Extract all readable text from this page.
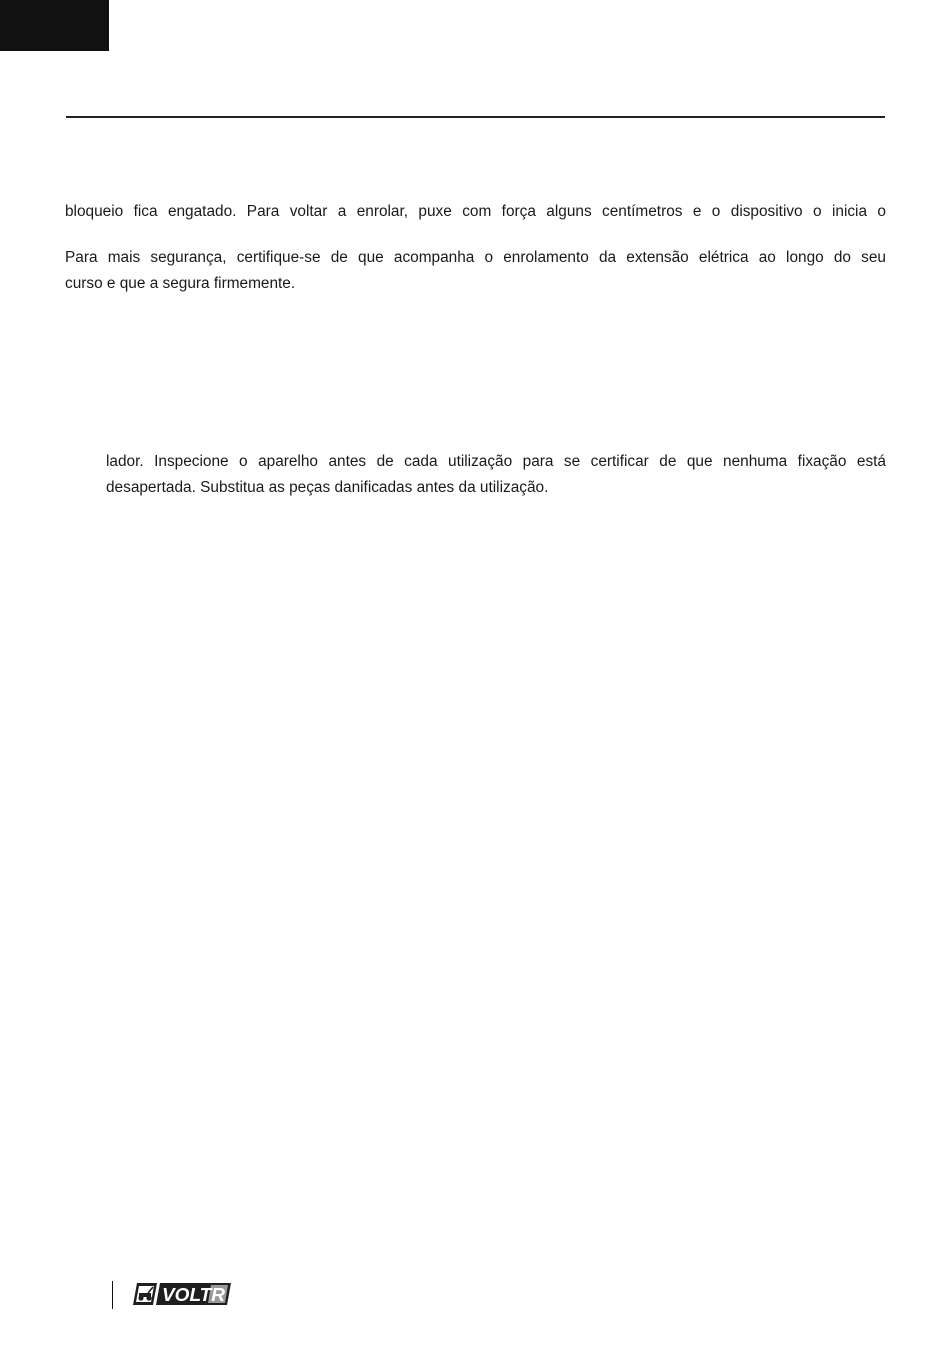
bloqueio fica engatado. Para voltar a enrolar, puxe com força alguns centímetros e o dispositivo o inicia o

Para mais segurança, certifique-se de que acompanha o enrolamento da extensão elétrica ao longo do seu
curso e que a segura firmemente.

lador. Inspecione o aparelho antes de cada utilização para se certificar de que nenhuma fixação está
desapertada. Substitua as peças danificadas antes da utilização.

VOLTR
